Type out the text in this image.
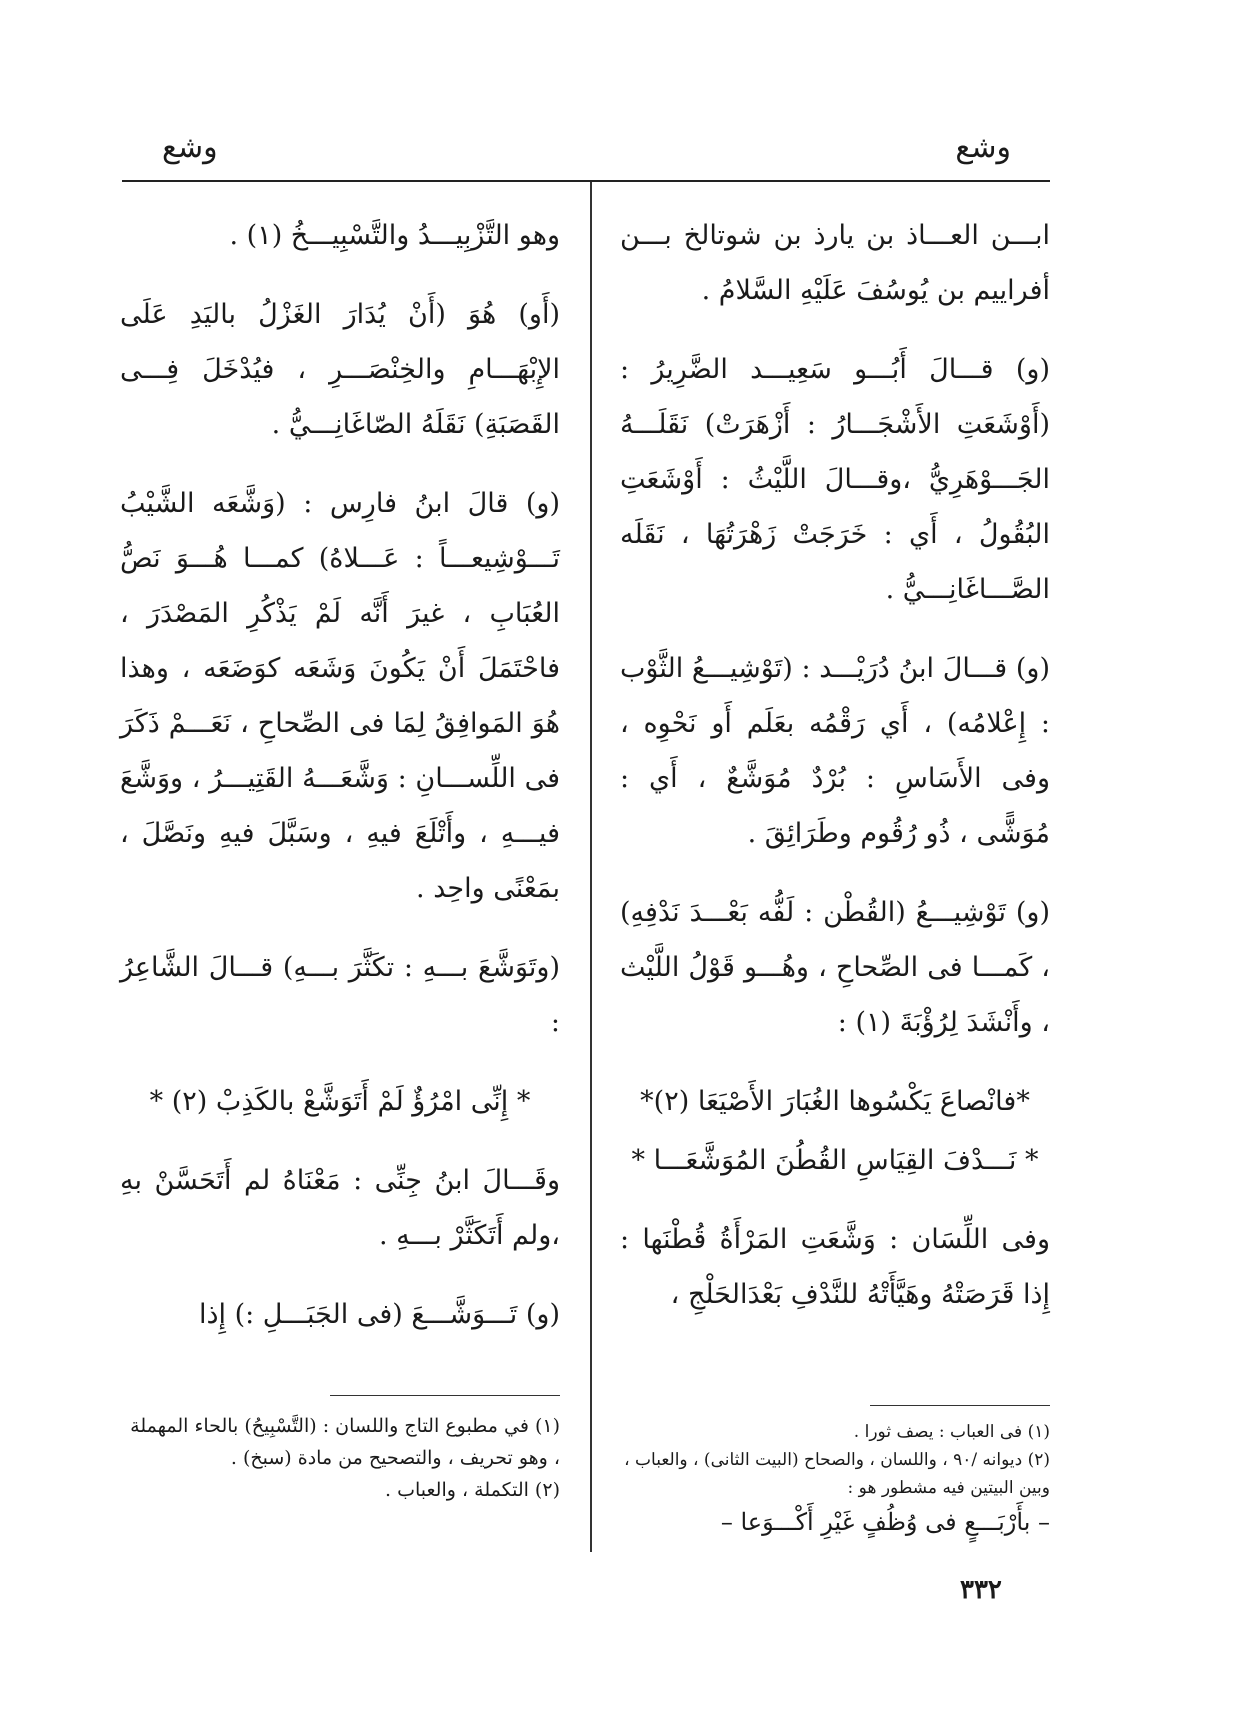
وشع
وشع

ابـــن العـــاذ بن يارذ بن شوتالخ بـــن أفراييم بن يُوسُفَ عَلَيْهِ السَّلامُ .

(و) قـــالَ أَبُـــو سَعِيـــد الضَّرِيرُ : (أَوْشَعَتِ الأَشْجَـــارُ : أَزْهَرَتْ) نَقَلَـــهُ الجَـــوْهَرِيُّ ،وقـــالَ اللَّيْثُ : أَوْشَعَتِ البُقُولُ ، أَي : خَرَجَتْ زَهْرَتُهَا ، نَقَلَه الصَّـــاغَانِـــيُّ .

(و) قـــالَ ابنُ دُرَيْـــد : (تَوْشِيـــعُ الثَّوْب : إِعْلامُه) ، أَي رَقْمُه بعَلَم أَو نَحْوِه ، وفى الأَسَاسِ : بُرْدٌ مُوَشَّعٌ ، أَي : مُوَشًّى ، ذُو رُقُوم وطَرَائِقَ .

(و) تَوْشِيـــعُ (القُطْن : لَفُّه بَعْـــدَ نَدْفِهِ) ، كَمـــا فى الصِّحاحِ ، وهُـــو قَوْلُ اللَّيْث ، وأَنْشَدَ لِرُؤْبَةَ (١) :

*فانْصاعَ يَكْسُوها الغُبَارَ الأَصْيَعَا (٢)*

* نَـــدْفَ القِيَاسِ القُطُنَ المُوَشَّعَـــا *

وفى اللِّسَان : وَشَّعَتِ المَرْأَةُ قُطْنَها : إِذا قَرَصَتْهُ وهَيَّأَتْهُ للنَّدْفِ بَعْدَالحَلْجِ ،

وهو التَّزْبِيـــدُ والتَّسْبِيـــخُ (١) .

(أَو) هُوَ (أَنْ يُدَارَ الغَزْلُ باليَدِ عَلَى الإِبْهَـــامِ والخِنْصَـــرِ ، فيُدْخَلَ فِـــى القَصَبَةِ) نَقَلَهُ الصّاغَانِـــيُّ .

(و) قالَ ابنُ فارِس : (وَشَّعَه الشَّيْبُ تَـــوْشِيعـــاً : عَـــلاهُ) كمـــا هُـــوَ نَصُّ العُبَابِ ، غيرَ أَنَّه لَمْ يَذْكُرِ المَصْدَرَ ، فاحْتَمَلَ أَنْ يَكُونَ وَشَعَه كوَضَعَه ، وهذا هُوَ المَوافِقُ لِمَا فى الصِّحاحِ ، نَعَـــمْ ذَكَرَ فى اللِّســـانِ : وَشَّعَـــهُ القَتِيـــرُ ، ووَشَّعَ فيـــهِ ، وأَتْلَعَ فيهِ ، وسَبَّلَ فيهِ ونَصَّلَ ، بمَعْنًى واحِد .

(وتَوَشَّعَ بـــهِ : تكَثَّرَ بـــهِ) قـــالَ الشَّاعِرُ :

* إِنِّى امْرُؤٌ لَمْ أَتَوَشَّعْ بالكَذِبْ (٢) *

وقَـــالَ ابنُ جِنِّى : مَعْنَاهُ لم أَتَحَسَّنْ بهِ ،ولم أَتَكَثَّرْ بـــهِ .

(و) تَـــوَشَّـــعَ (فى الجَبَـــلِ :) إِذا

(١) فى العباب : يصف ثورا .

(٢) ديوانه /٩٠ ، واللسان ، والصحاح (البيت الثانى) ، والعباب ، وبين البيتين فيه مشطور هو :

– بأَرْبَـــعٍ فى وُظُفٍ غَيْرِ أَكْـــوَعا –

(١) في مطبوع التاج واللسان : (التَّسْبِيحُ) بالحاء المهملة ، وهو تحريف ، والتصحيح من مادة (سبخ) .

(٢) التكملة ، والعباب .

٣٣٢
